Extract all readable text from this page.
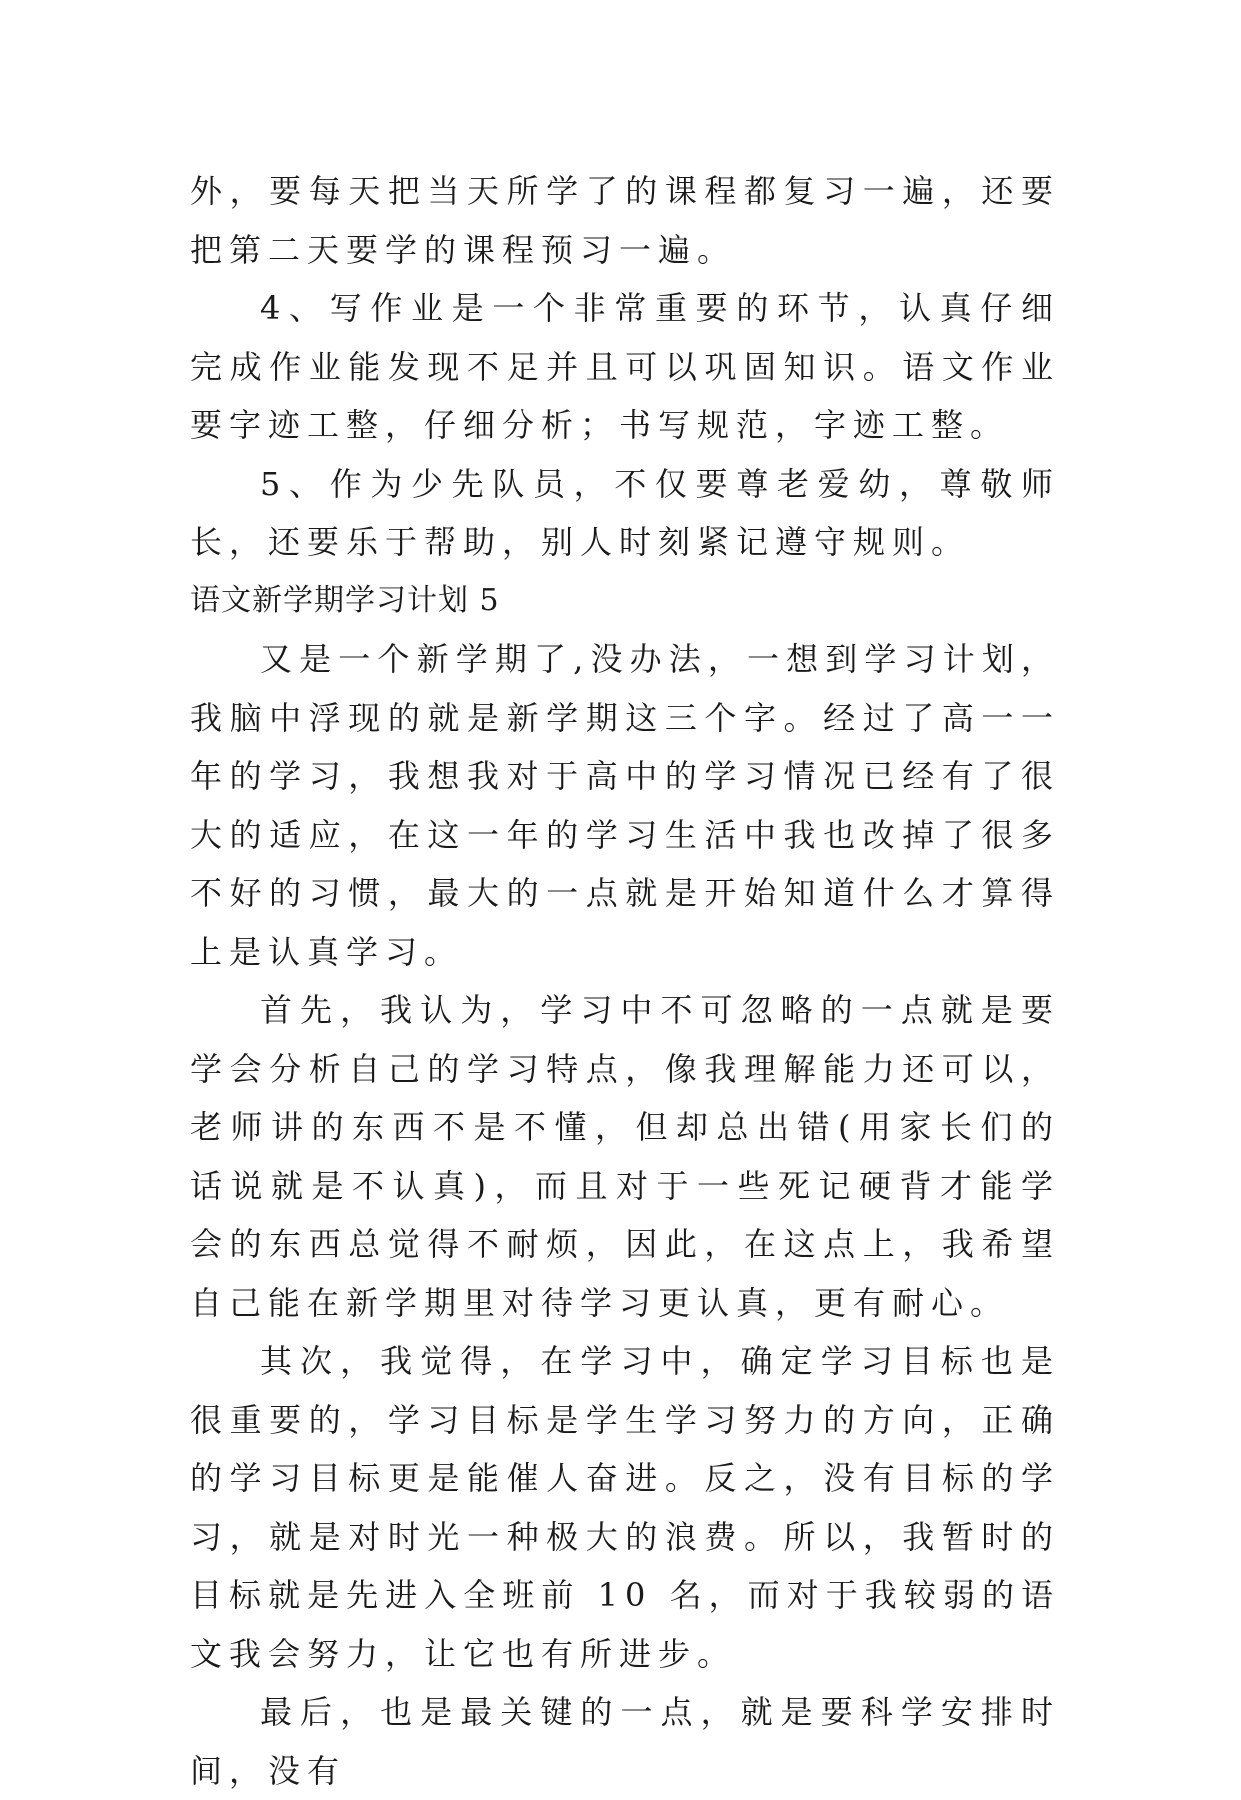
外，要每天把当天所学了的课程都复习一遍，还要把第二天要学的课程预习一遍。

4、写作业是一个非常重要的环节，认真仔细完成作业能发现不足并且可以巩固知识。语文作业要字迹工整，仔细分析；书写规范，字迹工整。

5、作为少先队员，不仅要尊老爱幼，尊敬师长，还要乐于帮助，别人时刻紧记遵守规则。

语文新学期学习计划 5

又是一个新学期了,没办法，一想到学习计划，我脑中浮现的就是新学期这三个字。经过了高一一年的学习，我想我对于高中的学习情况已经有了很大的适应，在这一年的学习生活中我也改掉了很多不好的习惯，最大的一点就是开始知道什么才算得上是认真学习。

首先，我认为，学习中不可忽略的一点就是要学会分析自己的学习特点，像我理解能力还可以，老师讲的东西不是不懂，但却总出错(用家长们的话说就是不认真)，而且对于一些死记硬背才能学会的东西总觉得不耐烦，因此，在这点上，我希望自己能在新学期里对待学习更认真，更有耐心。

其次，我觉得，在学习中，确定学习目标也是很重要的，学习目标是学生学习努力的方向，正确的学习目标更是能催人奋进。反之，没有目标的学习，就是对时光一种极大的浪费。所以，我暂时的目标就是先进入全班前 10 名，而对于我较弱的语文我会努力，让它也有所进步。

最后，也是最关键的一点，就是要科学安排时间，没有
